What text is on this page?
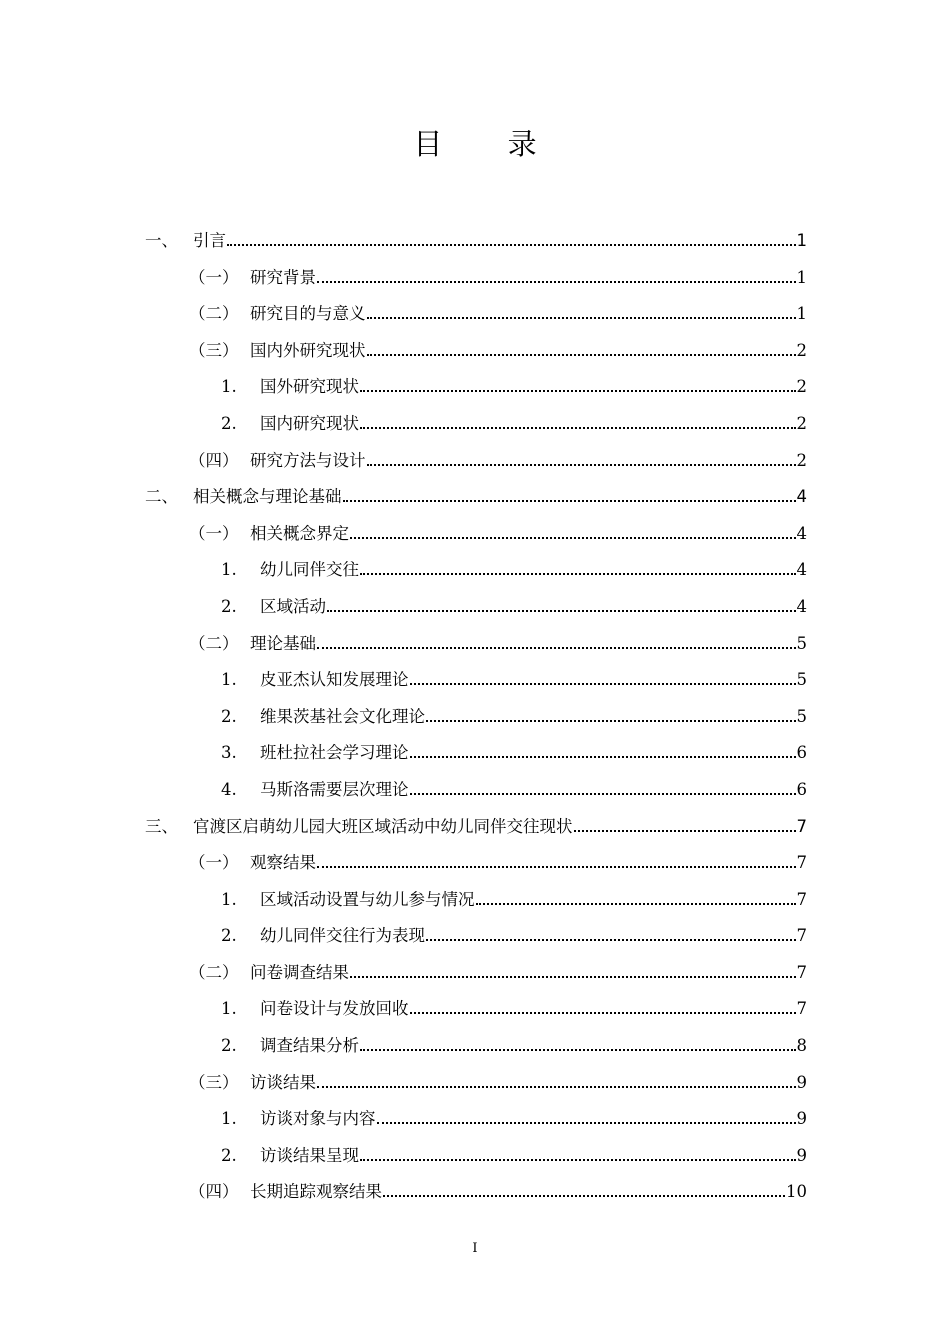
目 录
一、 引言	1
（一） 研究背景	1
（二） 研究目的与意义	1
（三） 国内外研究现状	2
1.	国外研究现状	2
2.	国内研究现状	2
（四） 研究方法与设计	2
二、 相关概念与理论基础	4
（一） 相关概念界定	4
1.	幼儿同伴交往	4
2.	区域活动	4
（二） 理论基础	5
1.	皮亚杰认知发展理论	5
2.	维果茨基社会文化理论	5
3.	班杜拉社会学习理论	6
4.	马斯洛需要层次理论	6
三、 官渡区启萌幼儿园大班区域活动中幼儿同伴交往现状	7
（一） 观察结果	7
1.	区域活动设置与幼儿参与情况	7
2.	幼儿同伴交往行为表现	7
（二） 问卷调查结果	7
1.	问卷设计与发放回收	7
2.	调查结果分析	8
（三） 访谈结果	9
1.	访谈对象与内容	9
2.	访谈结果呈现	9
（四） 长期追踪观察结果	10
I
